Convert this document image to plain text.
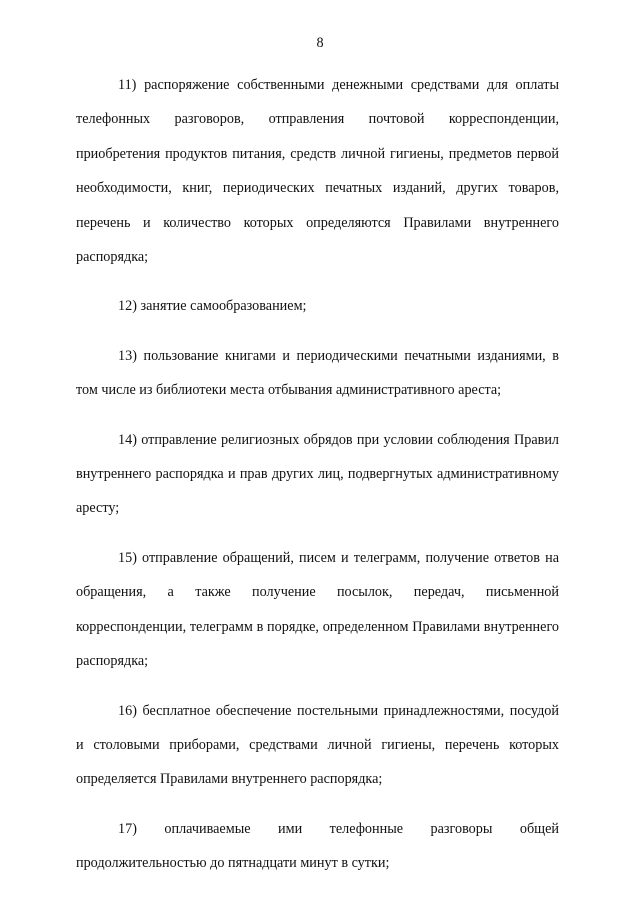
8

11) распоряжение собственными денежными средствами для оплаты телефонных разговоров, отправления почтовой корреспонденции, приобретения продуктов питания, средств личной гигиены, предметов первой необходимости, книг, периодических печатных изданий, других товаров, перечень и количество которых определяются Правилами внутреннего распорядка;

12) занятие самообразованием;

13) пользование книгами и периодическими печатными изданиями, в том числе из библиотеки места отбывания административного ареста;

14) отправление религиозных обрядов при условии соблюдения Правил внутреннего распорядка и прав других лиц, подвергнутых административному аресту;

15) отправление обращений, писем и телеграмм, получение ответов на обращения, а также получение посылок, передач, письменной корреспонденции, телеграмм в порядке, определенном Правилами внутреннего распорядка;

16) бесплатное обеспечение постельными принадлежностями, посудой и столовыми приборами, средствами личной гигиены, перечень которых определяется Правилами внутреннего распорядка;

17) оплачиваемые ими телефонные разговоры общей продолжительностью до пятнадцати минут в сутки;
